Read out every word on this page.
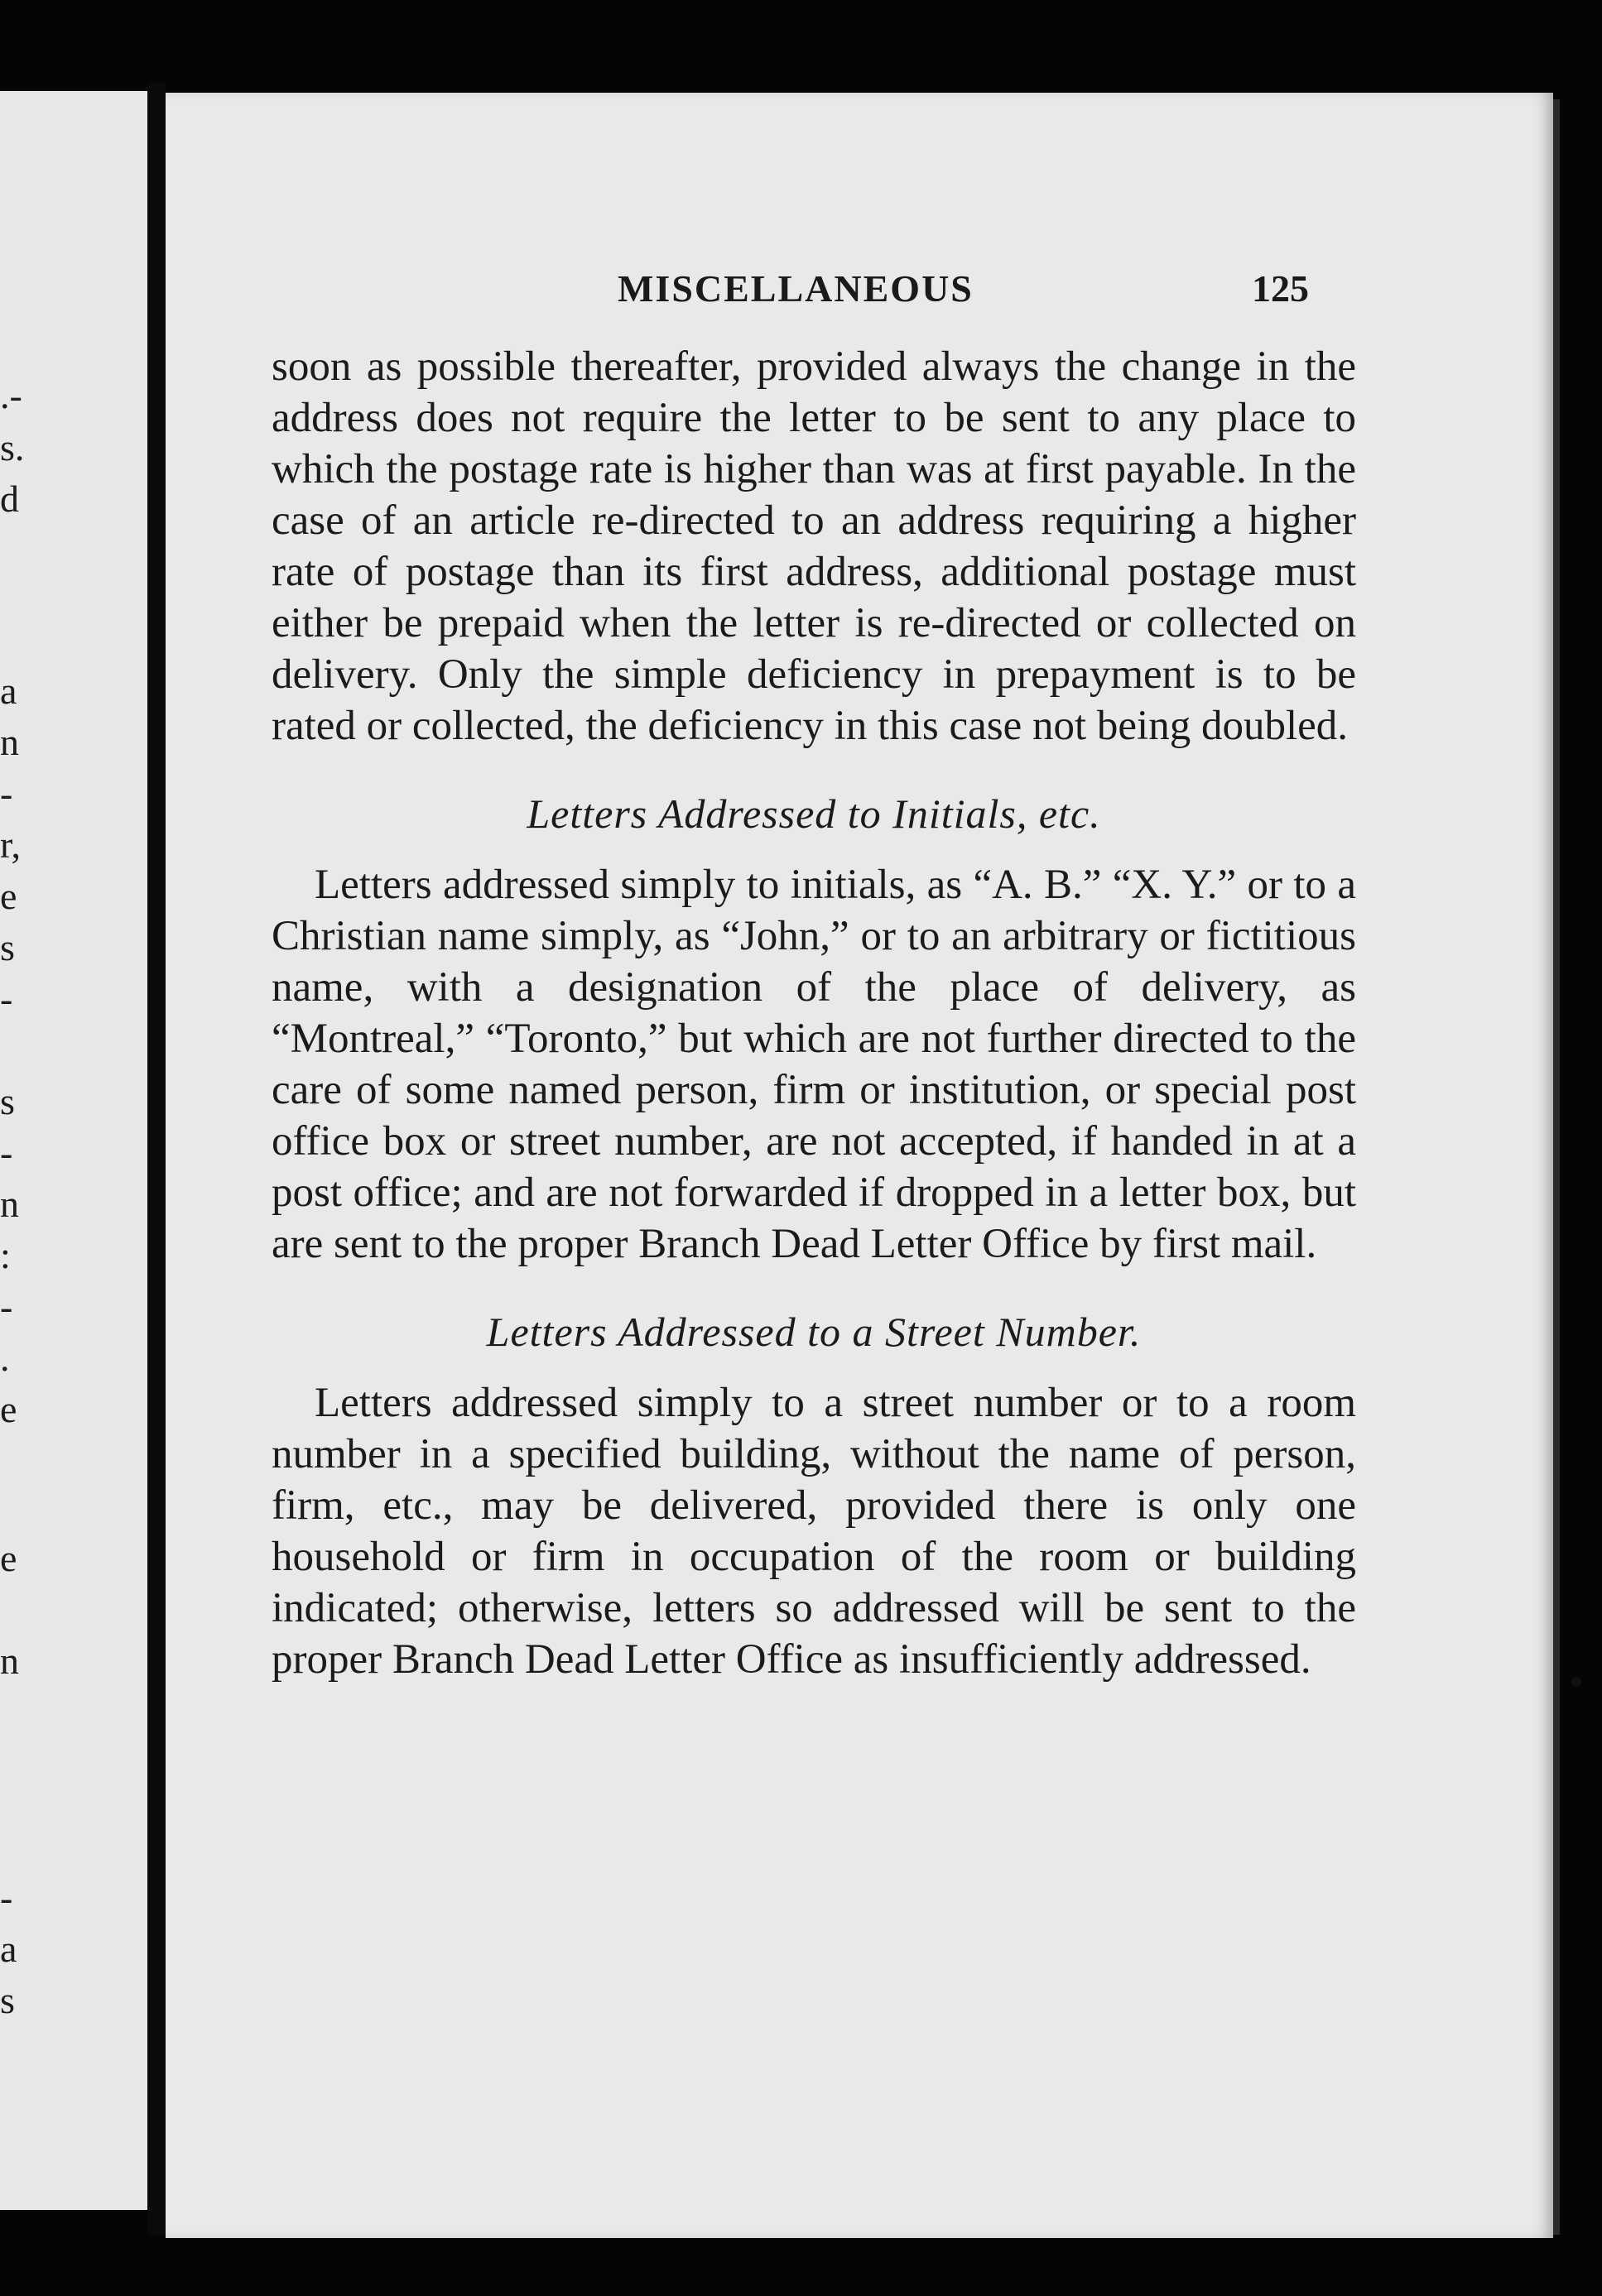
.-
s.
d
a
n
-
r,
e
s
-
s
-
n
:
-
.
e
e
n
-
a
s
MISCELLANEOUS	125

soon as possible thereafter, provided always the change in the address does not require the letter to be sent to any place to which the postage rate is higher than was at first payable. In the case of an article re-directed to an address requiring a higher rate of postage than its first address, additional postage must either be prepaid when the letter is re-directed or collected on delivery. Only the simple deficiency in prepayment is to be rated or collected, the deficiency in this case not being doubled.

Letters Addressed to Initials, etc.

Letters addressed simply to initials, as “A. B.” “X. Y.” or to a Christian name simply, as “John,” or to an arbitrary or fictitious name, with a designation of the place of delivery, as “Montreal,” “Toronto,” but which are not further directed to the care of some named person, firm or institution, or special post office box or street number, are not accepted, if handed in at a post office; and are not forwarded if dropped in a letter box, but are sent to the proper Branch Dead Letter Office by first mail.

Letters Addressed to a Street Number.

Letters addressed simply to a street number or to a room number in a specified building, without the name of person, firm, etc., may be delivered, provided there is only one household or firm in occupation of the room or building indicated; otherwise, letters so addressed will be sent to the proper Branch Dead Letter Office as insufficiently addressed.
